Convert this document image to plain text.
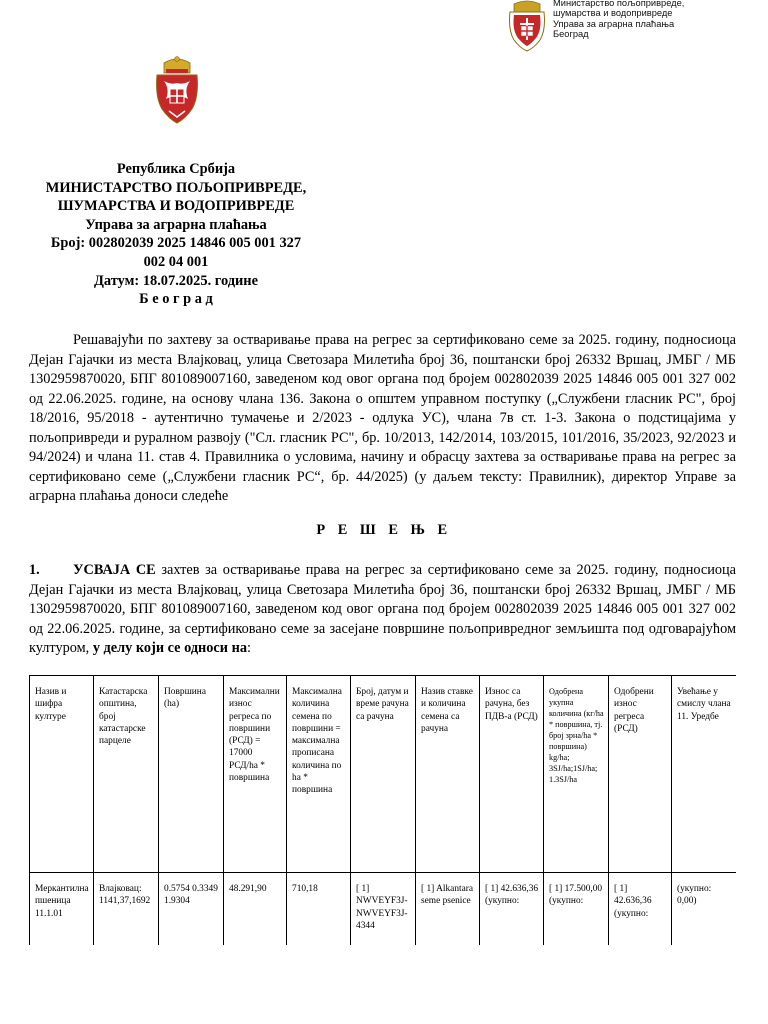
Министарство пољопривреде,
шумарства и водопривреде
Управа за аграрна плаћања
Београд
Република Србија
МИНИСТАРСТВО ПОЉОПРИВРЕДЕ,
ШУМАРСТВА И ВОДОПРИВРЕДЕ
Управа за аграрна плаћања
Број: 002802039 2025 14846 005 001 327
002 04 001
Датум: 18.07.2025. године
Б е о г р а д
Решавајући по захтеву за остваривање права на регрес за сертификовано семе за 2025. годину, подносиоца Дејан Гајачки из места Влајковац, улица Светозара Милетића број 36, поштански број 26332 Вршац, ЈМБГ / МБ 1302959870020, БПГ 801089007160, заведеном код овог органа под бројем 002802039 2025 14846 005 001 327 002 од 22.06.2025. године, на основу члана 136. Закона о општем управном поступку („Службени гласник РС", број 18/2016, 95/2018 - аутентично тумачење и 2/2023 - одлука УС), члана 7в ст. 1-3. Закона о подстицајима у пољопривреди и руралном развоју ("Сл. гласник РС", бр. 10/2013, 142/2014, 103/2015, 101/2016, 35/2023, 92/2023 и 94/2024) и члана 11. став 4. Правилника о условима, начину и обрасцу захтева за остваривање права на регрес за сертификовано семе („Службени гласник РС“, бр. 44/2025) (у даљем тексту: Правилник), директор Управе за аграрна плаћања доноси следеће
Р Е Ш Е Њ Е
1. УСВАЈА СЕ захтев за остваривање права на регрес за сертификовано семе за 2025. годину, подносиоца Дејан Гајачки из места Влајковац, улица Светозара Милетића број 36, поштански број 26332 Вршац, ЈМБГ / МБ 1302959870020, БПГ 801089007160, заведеном код овог органа под бројем 002802039 2025 14846 005 001 327 002 од 22.06.2025. године, за сертификовано семе за засејане површине пољопривредног земљишта под одговарајућом културом, у делу који се односи на:
Назив и шифра културе	Катастарска општина, број катастарске парцеле	Површина (ha)	Максимални износ регреса по површини (РСД) = 17000 РСД/ha * површина	Максимална количина семена по површини = максимална прописана количина по ha * површина	Број, датум и време рачуна са рачуна	Назив ставке и количина семена са рачуна	Износ са рачуна, без ПДВ-а (РСД)	Одобрена укупна количина (кг/ha * површина, тј. број зрна/ha * површина) kg/ha; 3SJ/ha;1SJ/ha; 1.3SJ/ha	Одобрени износ регреса (РСД)	Увећање у смислу члана 11. Уредбе
Меркантилна пшеница 11.1.01	Влајковац: 1141,37,1692	0.5754 0.3349 1.9304	48.291,90	710,18	[ 1] NWVEYF3J-NWVEYF3J-4344	[ 1] Alkantara seme psenice	[ 1] 42.636,36 (укупно:	[ 1] 17.500,00 (укупно:	[ 1] 42.636,36 (укупно:	(укупно: 0,00)
